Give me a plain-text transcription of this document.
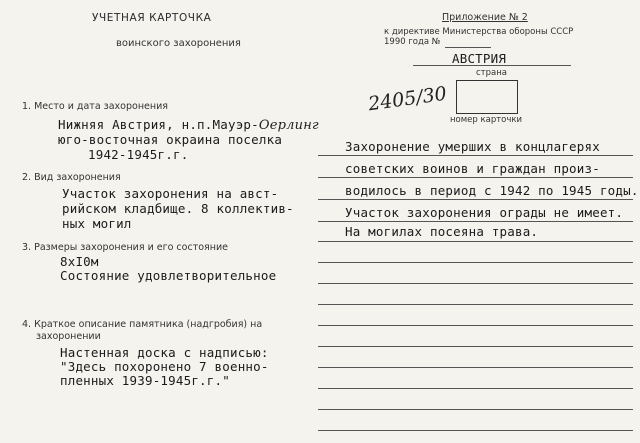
УЧЕТНАЯ КАРТОЧКА
воинского захоронения
Приложение № 2
к директиве Министерства обороны СССР
1990 года №
АВСТРИЯ
страна
2405/30
номер карточки
1. Место и дата захоронения
Нижняя Австрия, н.п.Мауэр-Оерлинг
юго-восточная окраина поселка
1942-1945г.г.
2. Вид захоронения
Участок захоронения на авст-
рийском кладбище. 8 коллектив-
ных могил
3. Размеры захоронения и его состояние
8xI0м
Состояние удовлетворительное
4. Краткое описание памятника (надгробия) на
захоронении
Настенная доска с надписью:
"Здесь похоронено 7 военно-
пленных 1939-1945г.г."
Захоронение умерших в концлагерях
советских воинов и граждан произ-
водилось в период с 1942 по 1945 годы.
Участок захоронения ограды не имеет.
На могилах посеяна трава.
